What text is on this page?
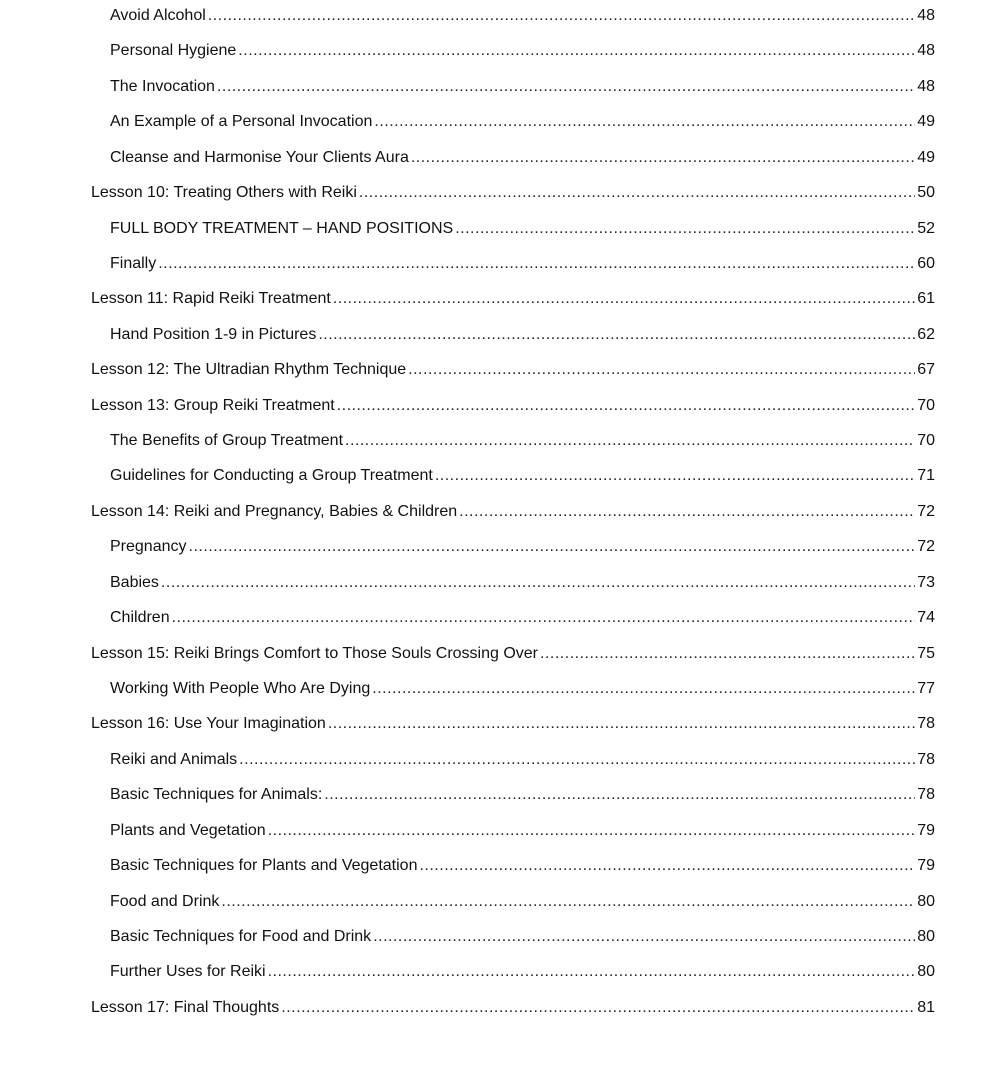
Avoid Alcohol .....	48
Personal Hygiene .....	48
The Invocation .....	48
An Example of a Personal Invocation .....	49
Cleanse and Harmonise Your Clients Aura .....	49
Lesson 10: Treating Others with Reiki .....	50
FULL BODY TREATMENT – HAND POSITIONS .....	52
Finally .....	60
Lesson 11: Rapid Reiki Treatment .....	61
Hand Position 1-9 in Pictures .....	62
Lesson 12: The Ultradian Rhythm Technique .....	67
Lesson 13: Group Reiki Treatment .....	70
The Benefits of Group Treatment .....	70
Guidelines for Conducting a Group Treatment .....	71
Lesson 14: Reiki and Pregnancy, Babies & Children .....	72
Pregnancy .....	72
Babies .....	73
Children .....	74
Lesson 15: Reiki Brings Comfort to Those Souls Crossing Over .....	75
Working With People Who Are Dying .....	77
Lesson 16: Use Your Imagination .....	78
Reiki and Animals .....	78
Basic Techniques for Animals: .....	78
Plants and Vegetation .....	79
Basic Techniques for Plants and Vegetation .....	79
Food and Drink .....	80
Basic Techniques for Food and Drink .....	80
Further Uses for Reiki .....	80
Lesson 17: Final Thoughts .....	81
